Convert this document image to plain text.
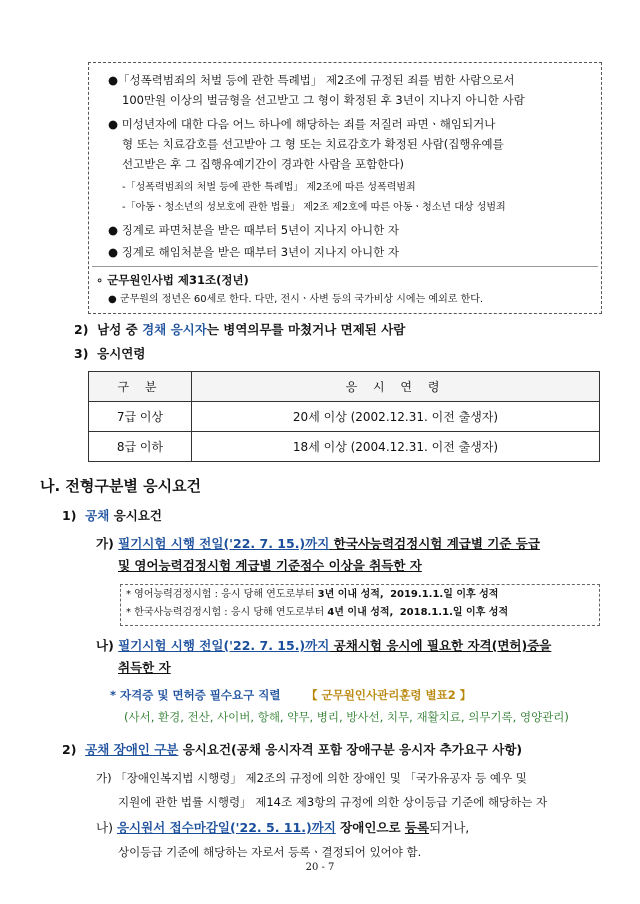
●「성폭력범죄의 처벌 등에 관한 특례법」 제2조에 규정된 죄를 범한 사람으로서
100만원 이상의 벌금형을 선고받고 그 형이 확정된 후 3년이 지나지 아니한 사람
● 미성년자에 대한 다음 어느 하나에 해당하는 죄를 저질러 파면ㆍ해임되거나
형 또는 치료감호를 선고받아 그 형 또는 치료감호가 확정된 사람(집행유예를
선고받은 후 그 집행유예기간이 경과한 사람을 포함한다)
-「성폭력범죄의 처벌 등에 관한 특례법」 제2조에 따른 성폭력범죄
-「아동ㆍ청소년의 성보호에 관한 법률」 제2조 제2호에 따른 아동ㆍ청소년 대상 성범죄
● 징계로 파면처분을 받은 때부터 5년이 지나지 아니한 자
● 징계로 해임처분을 받은 때부터 3년이 지나지 아니한 자
∘ 군무원인사법 제31조(정년)
● 군무원의 정년은 60세로 한다. 다만, 전시ㆍ사변 등의 국가비상 시에는 예외로 한다.
2) 남성 중 경채 응시자는 병역의무를 마쳤거나 면제된 사람
3) 응시연령
구 분	응 시 연 령
7급 이상	20세 이상 (2002.12.31. 이전 출생자)
8급 이하	18세 이상 (2004.12.31. 이전 출생자)
나. 전형구분별 응시요건
1) 공채 응시요건
가) 필기시험 시행 전일('22. 7. 15.)까지 한국사능력검정시험 계급별 기준 등급
및 영어능력검정시험 계급별 기준점수 이상을 취득한 자
* 영어능력검정시험 : 응시 당해 연도로부터 3년 이내 성적, 2019.1.1.일 이후 성적
* 한국사능력검정시험 : 응시 당해 연도로부터 4년 이내 성적, 2018.1.1.일 이후 성적
나) 필기시험 시행 전일('22. 7. 15.)까지 공채시험 응시에 필요한 자격(면허)증을
취득한 자
* 자격증 및 면허증 필수요구 직렬 【 군무원인사관리훈령 별표2 】
(사서, 환경, 전산, 사이버, 항해, 약무, 병리, 방사선, 치무, 재활치료, 의무기록, 영양관리)
2) 공채 장애인 구분 응시요건(공채 응시자격 포함 장애구분 응시자 추가요구 사항)
가) 「장애인복지법 시행령」 제2조의 규정에 의한 장애인 및 「국가유공자 등 예우 및
지원에 관한 법률 시행령」 제14조 제3항의 규정에 의한 상이등급 기준에 해당하는 자
나) 응시원서 접수마감일('22. 5. 11.)까지 장애인으로 등록되거나,
상이등급 기준에 해당하는 자로서 등록ㆍ결정되어 있어야 함.
20 - 7
